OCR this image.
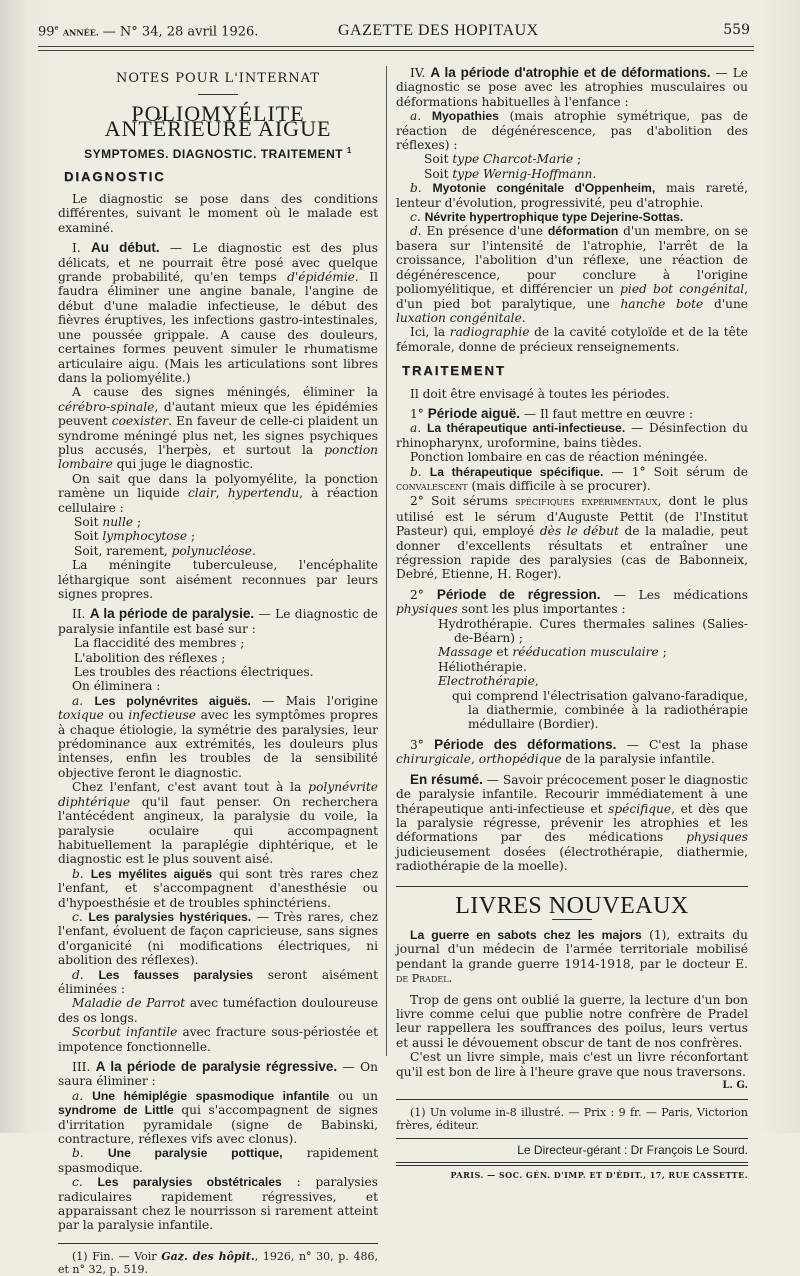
99e ANNÉE. — N° 34, 28 avril 1926.	GAZETTE DES HOPITAUX	559
NOTES POUR L'INTERNAT
POLIOMYÉLITE ANTÉRIEURE AIGUE
SYMPTOMES. DIAGNOSTIC. TRAITEMENT $^1$
DIAGNOSTIC

Le diagnostic se pose dans des conditions différentes, suivant le moment où le malade est examiné.

I. Au début. — Le diagnostic est des plus délicats, et ne pourrait être posé avec quelque grande probabilité, qu'en temps d'épidémie. Il faudra éliminer une angine banale, l'angine de début d'une maladie infectieuse, le début des fièvres éruptives, les infections gastro-intestinales, une poussée grippale. A cause des douleurs, certaines formes peuvent simuler le rhumatisme articulaire aigu. (Mais les articulations sont libres dans la poliomyélite.)

A cause des signes méningés, éliminer la cérébro-spinale, d'autant mieux que les épidémies peuvent coexister. En faveur de celle-ci plaident un syndrome méningé plus net, les signes psychiques plus accusés, l'herpès, et surtout la ponction lombaire qui juge le diagnostic.

On sait que dans la polyomyélite, la ponction ramène un liquide clair, hypertendu, à réaction cellulaire :

Soit nulle ;

Soit lymphocytose ;

Soit, rarement, polynucléose.

La méningite tuberculeuse, l'encéphalite léthargique sont aisément reconnues par leurs signes propres.

II. A la période de paralysie. — Le diagnostic de paralysie infantile est basé sur :

La flaccidité des membres ;

L'abolition des réflexes ;

Les troubles des réactions électriques.

On éliminera :

a. Les polynévrites aiguës. — Mais l'origine toxique ou infectieuse avec les symptômes propres à chaque étiologie, la symétrie des paralysies, leur prédominance aux extrémités, les douleurs plus intenses, enfin les troubles de la sensibilité objective feront le diagnostic.

Chez l'enfant, c'est avant tout à la polynévrite diphtérique qu'il faut penser. On recherchera l'antécédent angineux, la paralysie du voile, la paralysie oculaire qui accompagnent habituellement la paraplégie diphtérique, et le diagnostic est le plus souvent aisé.

b. Les myélites aiguës qui sont très rares chez l'enfant, et s'accompagnent d'anesthésie ou d'hypoesthésie et de troubles sphinctériens.

c. Les paralysies hystériques. — Très rares, chez l'enfant, évoluent de façon capricieuse, sans signes d'organicité (ni modifications électriques, ni abolition des réflexes).

d. Les fausses paralysies seront aisément éliminées :

Maladie de Parrot avec tuméfaction douloureuse des os longs.

Scorbut infantile avec fracture sous-périostée et impotence fonctionnelle.

III. A la période de paralysie régressive. — On saura éliminer :

a. Une hémiplégie spasmodique infantile ou un syndrome de Little qui s'accompagnent de signes d'irritation pyramidale (signe de Babinski, contracture, réflexes vifs avec clonus).

b. Une paralysie pottique, rapidement spasmodique.

c. Les paralysies obstétricales : paralysies radiculaires rapidement régressives, et apparaissant chez le nourrisson si rarement atteint par la paralysie infantile.

(1) Fin. — Voir Gaz. des hôpit., 1926, n° 30, p. 486, et n° 32, p. 519.

IV. A la période d'atrophie et de déformations. — Le diagnostic se pose avec les atrophies musculaires ou déformations habituelles à l'enfance :

a. Myopathies (mais atrophie symétrique, pas de réaction de dégénérescence, pas d'abolition des réflexes) :

Soit type Charcot-Marie ;

Soit type Wernig-Hoffmann.

b. Myotonie congénitale d'Oppenheim, mais rareté, lenteur d'évolution, progressivité, peu d'atrophie.

c. Névrite hypertrophique type Dejerine-Sottas.

d. En présence d'une déformation d'un membre, on se basera sur l'intensité de l'atrophie, l'arrêt de la croissance, l'abolition d'un réflexe, une réaction de dégénérescence, pour conclure à l'origine poliomyélitique, et différencier un pied bot congénital, d'un pied bot paralytique, une hanche bote d'une luxation congénitale.

Ici, la radiographie de la cavité cotyloïde et de la tête fémorale, donne de précieux renseignements.

TRAITEMENT

Il doit être envisagé à toutes les périodes.

1° Période aiguë. — Il faut mettre en œuvre :

a. La thérapeutique anti-infectieuse. — Désinfection du rhinopharynx, uroformine, bains tièdes.

Ponction lombaire en cas de réaction méningée.

b. La thérapeutique spécifique. — 1° Soit sérum de convalescent (mais difficile à se procurer).

2° Soit sérums spécifiques expérimentaux, dont le plus utilisé est le sérum d'Auguste Pettit (de l'Institut Pasteur) qui, employé dès le début de la maladie, peut donner d'excellents résultats et entraîner une régression rapide des paralysies (cas de Babonneix, Debré, Etienne, H. Roger).

2° Période de régression. — Les médications physiques sont les plus importantes :

Hydrothérapie. Cures thermales salines (Salies-de-Béarn) ;

Massage et rééducation musculaire ;

Héliothérapie.

Electrothérapie,

qui comprend l'électrisation galvano-faradique, la diathermie, combinée à la radiothérapie médullaire (Bordier).

3° Période des déformations. — C'est la phase chirurgicale, orthopédique de la paralysie infantile.

En résumé. — Savoir précocement poser le diagnostic de paralysie infantile. Recourir immédiatement à une thérapeutique anti-infectieuse et spécifique, et dès que la paralysie régresse, prévenir les atrophies et les déformations par des médications physiques judicieusement dosées (électrothérapie, diathermie, radiothérapie de la moelle).

LIVRES NOUVEAUX

La guerre en sabots chez les majors (1), extraits du journal d'un médecin de l'armée territoriale mobilisé pendant la grande guerre 1914-1918, par le docteur E. de Pradel.

Trop de gens ont oublié la guerre, la lecture d'un bon livre comme celui que publie notre confrère de Pradel leur rappellera les souffrances des poilus, leurs vertus et aussi le dévouement obscur de tant de nos confrères.

C'est un livre simple, mais c'est un livre réconfortant qu'il est bon de lire à l'heure grave que nous traversons.

L. G.

(1) Un volume in-8 illustré. — Prix : 9 fr. — Paris, Victorion frères, éditeur.

Le Directeur-gérant : Dr François Le Sourd.

PARIS. — SOC. GÉN. D'IMP. ET D'ÉDIT., 17, RUE CASSETTE.
